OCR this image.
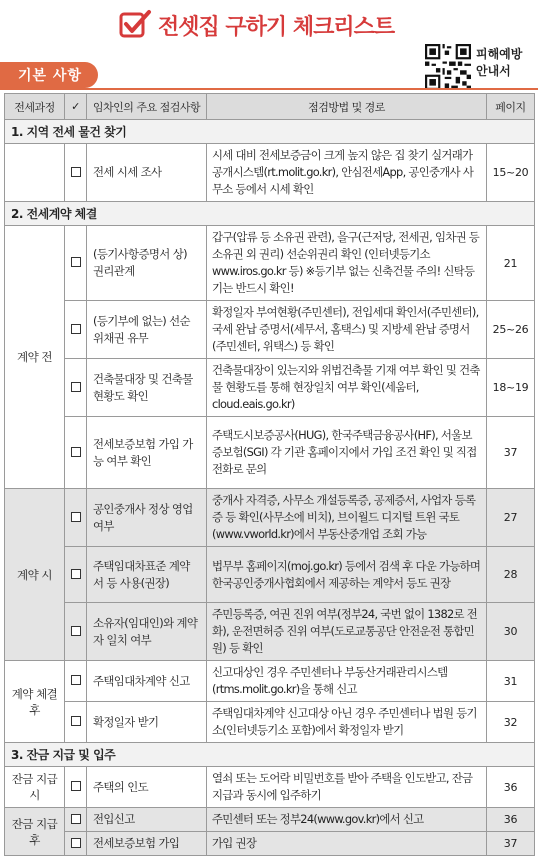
전셋집 구하기 체크리스트
피해예방
안내서
기본 사항
전세과정	✓	임차인의 주요 점검사항	점검방법 및 경로	페이지
1. 지역 전세 물건 찾기				
		전세 시세 조사	시세 대비 전세보증금이 크게 높지 않은 집 찾기 실거래가 공개시스템(rt.molit.go.kr), 안심전세App, 공인중개사 사무소 등에서 시세 확인	15~20
2. 전세계약 체결				
계약 전		(등기사항증명서 상) 권리관계	갑구(압류 등 소유권 관련), 을구(근저당, 전세권, 임차권 등 소유권 외 권리) 선순위권리 확인 (인터넷등기소 www.iros.go.kr 등) ※등기부 없는 신축건물 주의! 신탁등기는 반드시 확인!	21
		(등기부에 없는) 선순위채권 유무	확정일자 부여현황(주민센터), 전입세대 확인서(주민센터), 국세 완납 증명서(세무서, 홈택스) 및 지방세 완납 증명서(주민센터, 위택스) 등 확인	25~26
		건축물대장 및 건축물 현황도 확인	건축물대장이 있는지와 위법건축물 기재 여부 확인 및 건축물 현황도를 통해 현장일치 여부 확인(세움터, cloud.eais.go.kr)	18~19
		전세보증보험 가입 가능 여부 확인	주택도시보증공사(HUG), 한국주택금융공사(HF), 서울보증보험(SGI) 각 기관 홈페이지에서 가입 조건 확인 및 직접 전화로 문의	37
계약 시		공인중개사 정상 영업 여부	중개사 자격증, 사무소 개설등록증, 공제증서, 사업자 등록증 등 확인(사무소에 비치), 브이월드 디지털 트윈 국토(www.vworld.kr)에서 부동산중개업 조회 가능	27
		주택임대차표준 계약서 등 사용(권장)	법무부 홈페이지(moj.go.kr) 등에서 검색 후 다운 가능하며 한국공인중개사협회에서 제공하는 계약서 등도 권장	28
		소유자(임대인)와 계약자 일치 여부	주민등록증, 여권 진위 여부(정부24, 국번 없이 1382로 전화), 운전면허증 진위 여부(도로교통공단 안전운전 통합민원) 등 확인	30
계약 체결 후		주택임대차계약 신고	신고대상인 경우 주민센터나 부동산거래관리시스템(rtms.molit.go.kr)을 통해 신고	31
		확정일자 받기	주택임대차계약 신고대상 아닌 경우 주민센터나 법원 등기소(인터넷등기소 포함)에서 확정일자 받기	32
3. 잔금 지급 및 입주				
잔금 지급 시		주택의 인도	열쇠 또는 도어락 비밀번호를 받아 주택을 인도받고, 잔금 지급과 동시에 입주하기	36
잔금 지급 후		전입신고	주민센터 또는 정부24(www.gov.kr)에서 신고	36
		전세보증보험 가입	가입 권장	37
